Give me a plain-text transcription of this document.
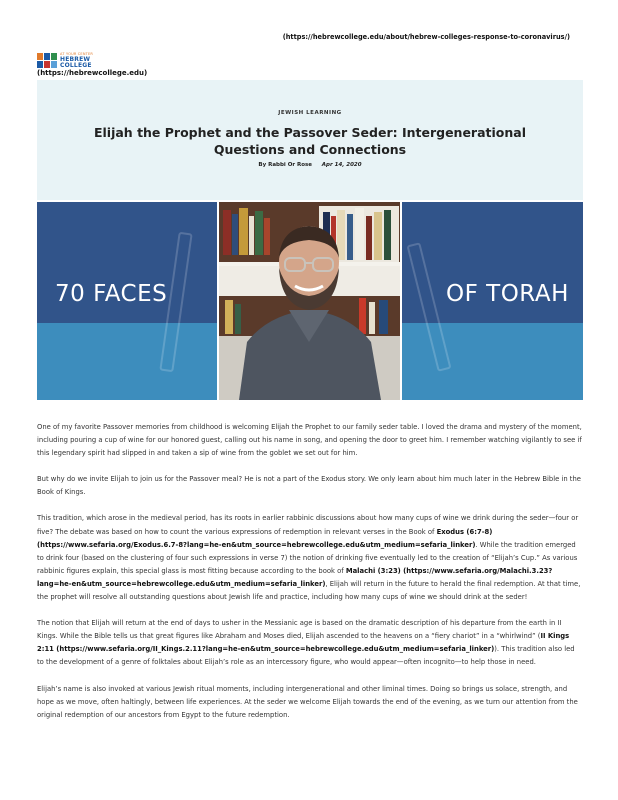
(https://hebrewcollege.edu/about/hebrew-colleges-response-to-coronavirus/)
AT YOUR CENTER
HEBREW
COLLEGE
(https://hebrewcollege.edu)
JEWISH LEARNING
Elijah the Prophet and the Passover Seder: Intergenerational Questions and Connections
By Rabbi Or Rose Apr 14, 2020
70 FACES	OF TORAH

One of my favorite Passover memories from childhood is welcoming Elijah the Prophet to our family seder table. I loved the drama and mystery of the moment, including pouring a cup of wine for our honored guest, calling out his name in song, and opening the door to greet him. I remember watching vigilantly to see if this legendary spirit had slipped in and taken a sip of wine from the goblet we set out for him.

But why do we invite Elijah to join us for the Passover meal? He is not a part of the Exodus story. We only learn about him much later in the Hebrew Bible in the Book of Kings.

This tradition, which arose in the medieval period, has its roots in earlier rabbinic discussions about how many cups of wine we drink during the seder—four or five? The debate was based on how to count the various expressions of redemption in relevant verses in the Book of Exodus (6:7-8) (https://www.sefaria.org/Exodus.6.7-8?lang=he-en&utm_source=hebrewcollege.edu&utm_medium=sefaria_linker). While the tradition emerged to drink four (based on the clustering of four such expressions in verse 7) the notion of drinking five eventually led to the creation of “Elijah’s Cup.” As various rabbinic figures explain, this special glass is most fitting because according to the book of Malachi (3:23) (https://www.sefaria.org/Malachi.3.23?lang=he-en&utm_source=hebrewcollege.edu&utm_medium=sefaria_linker), Elijah will return in the future to herald the final redemption. At that time, the prophet will resolve all outstanding questions about Jewish life and practice, including how many cups of wine we should drink at the seder!

The notion that Elijah will return at the end of days to usher in the Messianic age is based on the dramatic description of his departure from the earth in II Kings. While the Bible tells us that great figures like Abraham and Moses died, Elijah ascended to the heavens on a “fiery chariot” in a “whirlwind” (II Kings 2:11 (https://www.sefaria.org/II_Kings.2.11?lang=he-en&utm_source=hebrewcollege.edu&utm_medium=sefaria_linker)). This tradition also led to the development of a genre of folktales about Elijah’s role as an intercessory figure, who would appear—often incognito—to help those in need.

Elijah’s name is also invoked at various Jewish ritual moments, including intergenerational and other liminal times. Doing so brings us solace, strength, and hope as we move, often haltingly, between life experiences. At the seder we welcome Elijah towards the end of the evening, as we turn our attention from the original redemption of our ancestors from Egypt to the future redemption.
